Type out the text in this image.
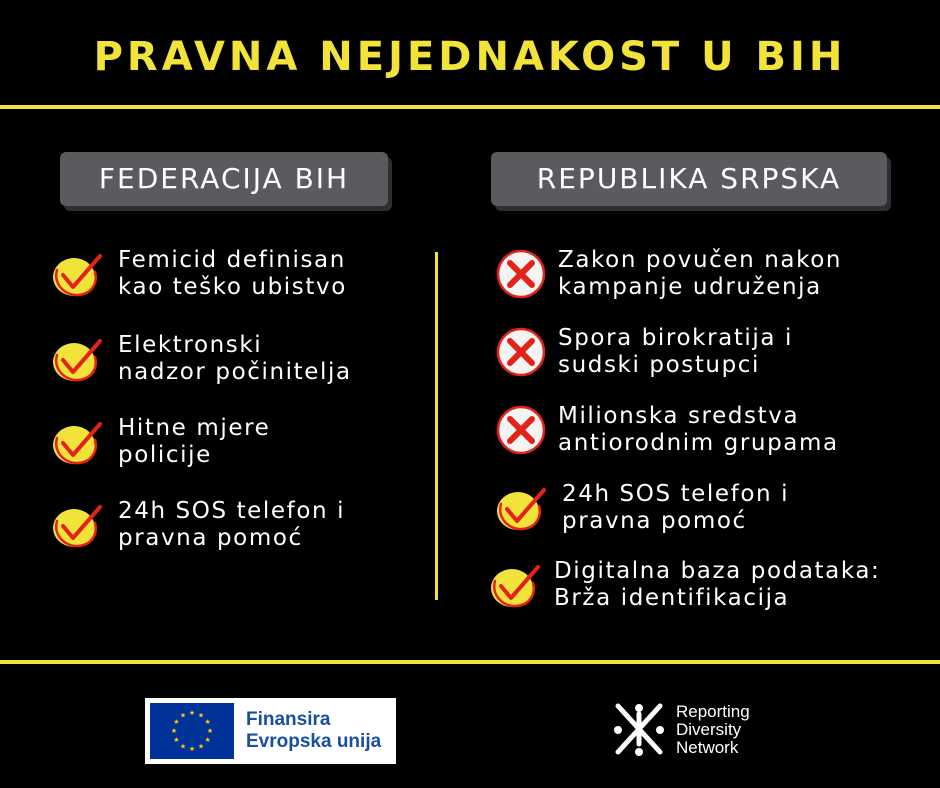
PRAVNA NEJEDNAKOST U BIH
FEDERACIJA BIH	REPUBLIKA SRPSKA
Femicid definisan
kao teško ubistvo
Elektronski
nadzor počinitelja
Hitne mjere
policije
24h SOS telefon i
pravna pomoć
Zakon povučen nakon
kampanje udruženja
Spora birokratija i
sudski postupci
Milionska sredstva
antiorodnim grupama
24h SOS telefon i
pravna pomoć
Digitalna baza podataka:
Brža identifikacija
★ ★
★
★
★
★
★
★
★
★
★
★	Finansira
Evropska unija
Reporting
Diversity
Network
